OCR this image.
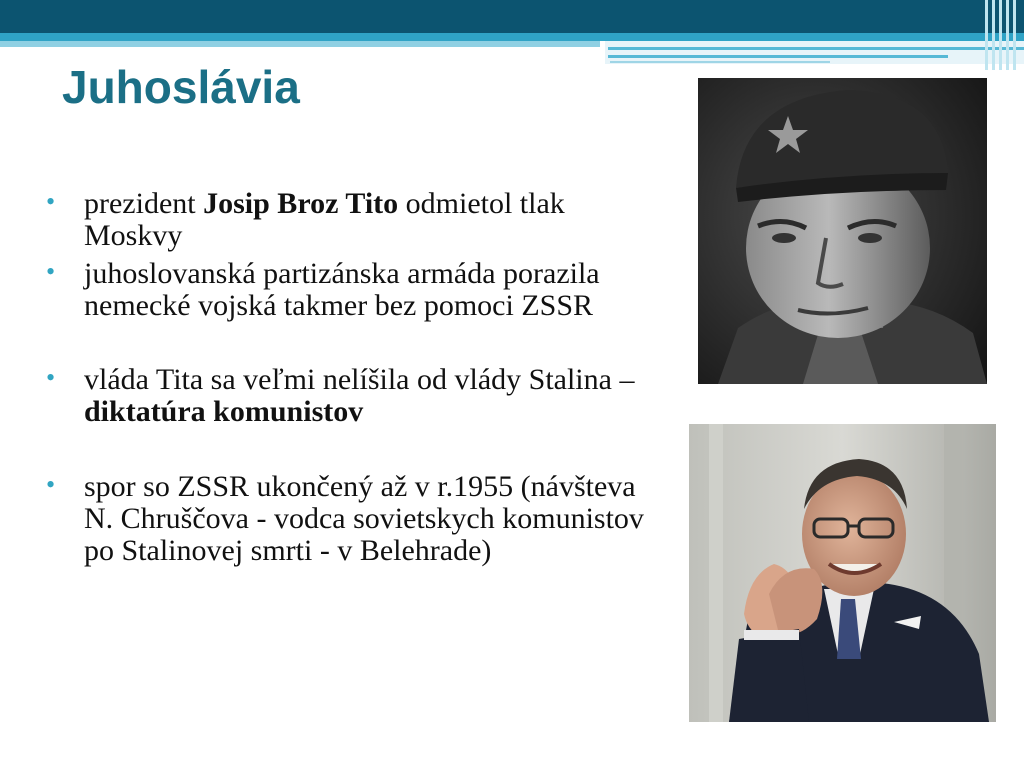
Juhoslávia
• prezident Josip Broz Tito odmietol tlak Moskvy
• juhoslovanská partizánska armáda porazila nemecké vojská takmer bez pomoci ZSSR
• vláda Tita sa veľmi nelíšila od vlády Stalina – diktatúra komunistov
• spor so ZSSR ukončený až v r.1955 (návšteva N. Chruščova - vodca sovietskych komunistov po Stalinovej smrti - v Belehrade)
